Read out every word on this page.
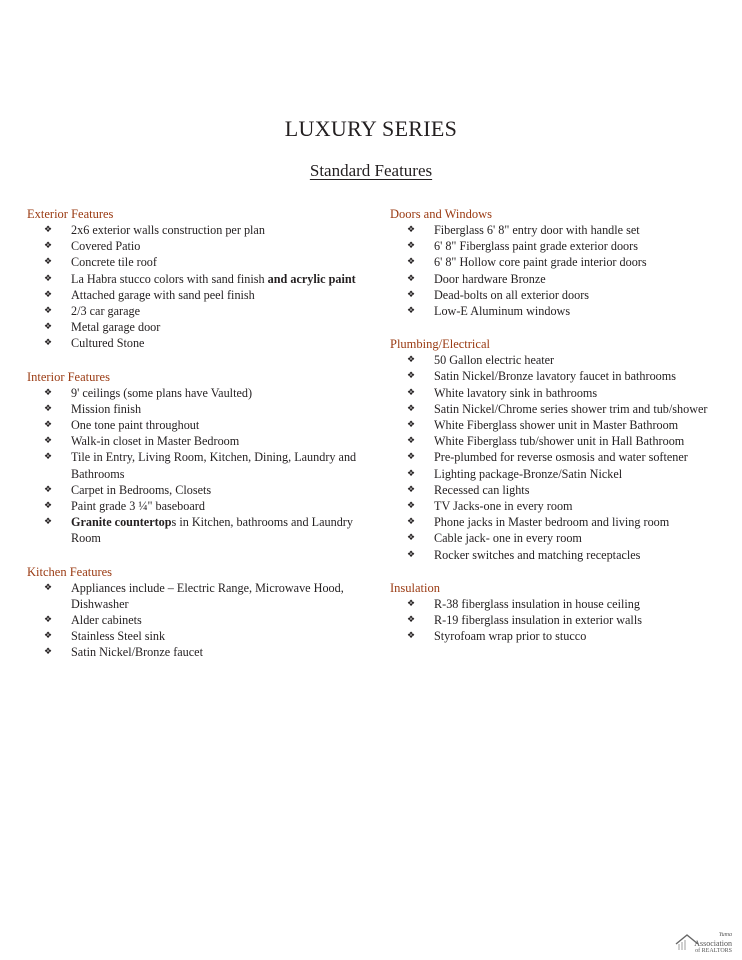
LUXURY SERIES
Standard Features
Exterior Features
❖ 2x6 exterior walls construction per plan
❖ Covered Patio
❖ Concrete tile roof
❖ La Habra stucco colors with sand finish and acrylic paint
❖ Attached garage with sand peel finish
❖ 2/3 car garage
❖ Metal garage door
❖ Cultured Stone
Interior Features
❖ 9' ceilings (some plans have Vaulted)
❖ Mission finish
❖ One tone paint throughout
❖ Walk-in closet in Master Bedroom
❖ Tile in Entry, Living Room, Kitchen, Dining, Laundry and Bathrooms
❖ Carpet in Bedrooms, Closets
❖ Paint grade 3 ¼" baseboard
❖ Granite countertops in Kitchen, bathrooms and Laundry Room
Kitchen Features
❖ Appliances include – Electric Range, Microwave Hood, Dishwasher
❖ Alder cabinets
❖ Stainless Steel sink
❖ Satin Nickel/Bronze faucet
Doors and Windows
❖ Fiberglass 6' 8" entry door with handle set
❖ 6' 8" Fiberglass paint grade exterior doors
❖ 6' 8" Hollow core paint grade interior doors
❖ Door hardware Bronze
❖ Dead-bolts on all exterior doors
❖ Low-E Aluminum windows
Plumbing/Electrical
❖ 50 Gallon electric heater
❖ Satin Nickel/Bronze lavatory faucet in bathrooms
❖ White lavatory sink in bathrooms
❖ Satin Nickel/Chrome series shower trim and tub/shower
❖ White Fiberglass shower unit in Master Bathroom
❖ White Fiberglass tub/shower unit in Hall Bathroom
❖ Pre-plumbed for reverse osmosis and water softener
❖ Lighting package-Bronze/Satin Nickel
❖ Recessed can lights
❖ TV Jacks-one in every room
❖ Phone jacks in Master bedroom and living room
❖ Cable jack- one in every room
❖ Rocker switches and matching receptacles
Insulation
❖ R-38 fiberglass insulation in house ceiling
❖ R-19 fiberglass insulation in exterior walls
❖ Styrofoam wrap prior to stucco
Yuma
Association
of REALTORS
